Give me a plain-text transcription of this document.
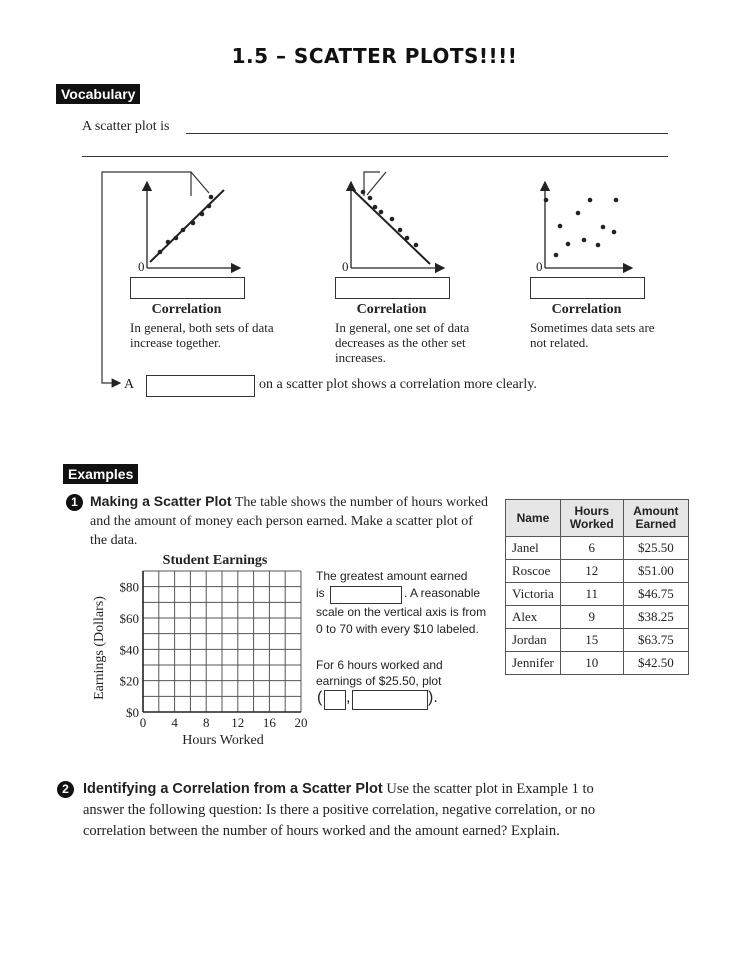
1.5 – SCATTER PLOTS!!!!
Vocabulary
A scatter plot is
0	0	0
Correlation	Correlation	Correlation
In general, both sets of data increase together.
In general, one set of data decreases as the other set increases.
Sometimes data sets are not related.
A	on a scatter plot shows a correlation more clearly.
Examples
1 Making a Scatter Plot The table shows the number of hours worked and the amount of money each person earned. Make a scatter plot of the data.
Name	Hours Worked	Amount Earned
Janel	6	$25.50
Roscoe	12	$51.00
Victoria	11	$46.75
Alex	9	$38.25
Jordan	15	$63.75
Jennifer	10	$42.50
Student Earnings
0 4 8 12 16 20
$0
$20
$40
$60
$80
Hours Worked
Earnings (Dollars)
The greatest amount earned
is	. A reasonable
scale on the vertical axis is from
0 to 70 with every $10 labeled.
For 6 hours worked and
earnings of $25.50, plot
( ,	).
2 Identifying a Correlation from a Scatter Plot Use the scatter plot in Example 1 to answer the following question: Is there a positive correlation, negative correlation, or no correlation between the number of hours worked and the amount earned? Explain.
